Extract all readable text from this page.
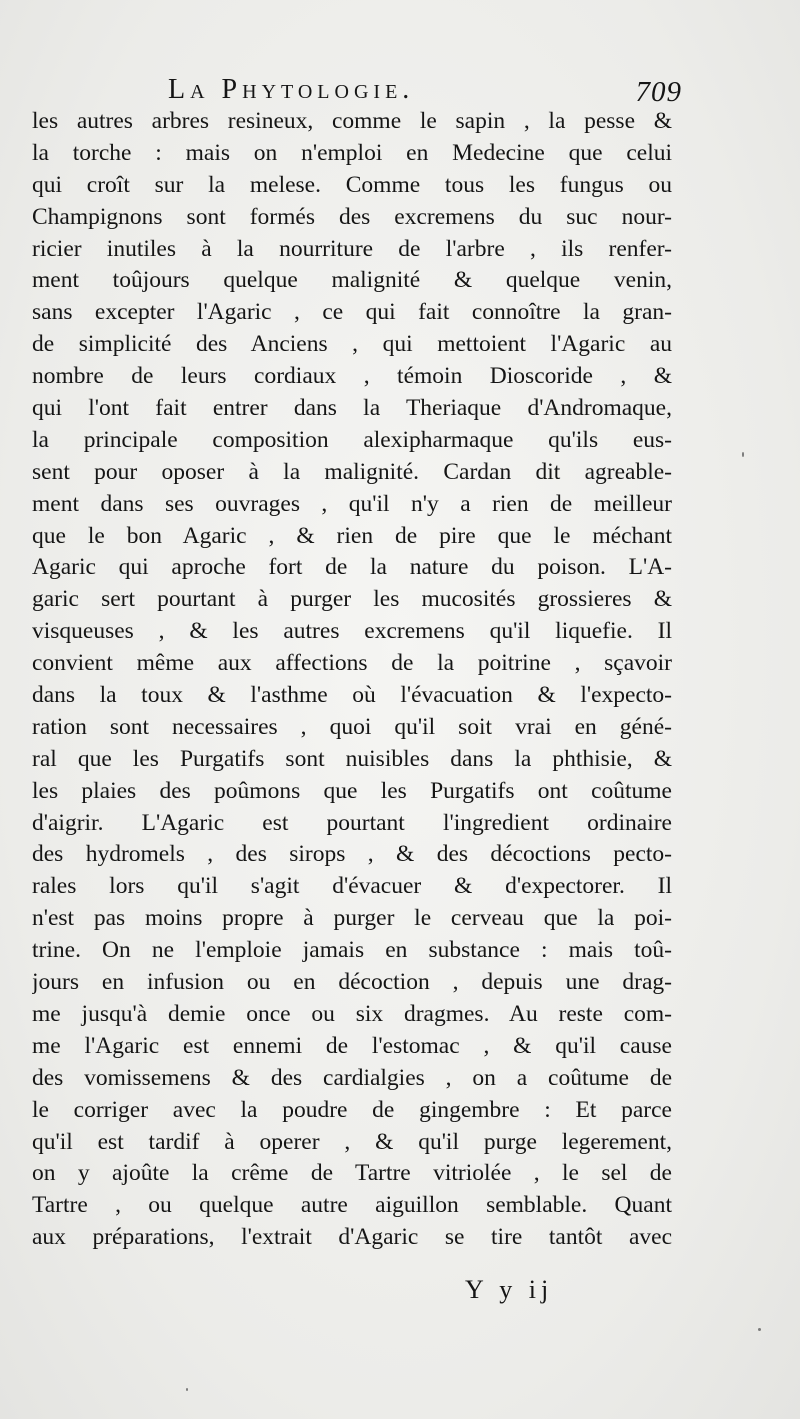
La Phytologie.	709
les autres arbres resineux, comme le sapin , la pesse &
la torche : mais on n'emploi en Medecine que celui
qui croît sur la melese. Comme tous les fungus ou
Champignons sont formés des excremens du suc nour-
ricier inutiles à la nourriture de l'arbre , ils renfer-
ment toûjours quelque malignité & quelque venin,
sans excepter l'Agaric , ce qui fait connoître la gran-
de simplicité des Anciens , qui mettoient l'Agaric au
nombre de leurs cordiaux , témoin Dioscoride , &
qui l'ont fait entrer dans la Theriaque d'Andromaque,
la principale composition alexipharmaque qu'ils eus-
sent pour oposer à la malignité. Cardan dit agreable-
ment dans ses ouvrages , qu'il n'y a rien de meilleur
que le bon Agaric , & rien de pire que le méchant
Agaric qui aproche fort de la nature du poison. L'A-
garic sert pourtant à purger les mucosités grossieres &
visqueuses , & les autres excremens qu'il liquefie. Il
convient même aux affections de la poitrine , sçavoir
dans la toux & l'asthme où l'évacuation & l'expecto-
ration sont necessaires , quoi qu'il soit vrai en géné-
ral que les Purgatifs sont nuisibles dans la phthisie, &
les plaies des poûmons que les Purgatifs ont coûtume
d'aigrir. L'Agaric est pourtant l'ingredient ordinaire
des hydromels , des sirops , & des décoctions pecto-
rales lors qu'il s'agit d'évacuer & d'expectorer. Il
n'est pas moins propre à purger le cerveau que la poi-
trine. On ne l'emploie jamais en substance : mais toû-
jours en infusion ou en décoction , depuis une drag-
me jusqu'à demie once ou six dragmes. Au reste com-
me l'Agaric est ennemi de l'estomac , & qu'il cause
des vomissemens & des cardialgies , on a coûtume de
le corriger avec la poudre de gingembre : Et parce
qu'il est tardif à operer , & qu'il purge legerement,
on y ajoûte la crême de Tartre vitriolée , le sel de
Tartre , ou quelque autre aiguillon semblable. Quant
aux préparations, l'extrait d'Agaric se tire tantôt avec
Y y ij
